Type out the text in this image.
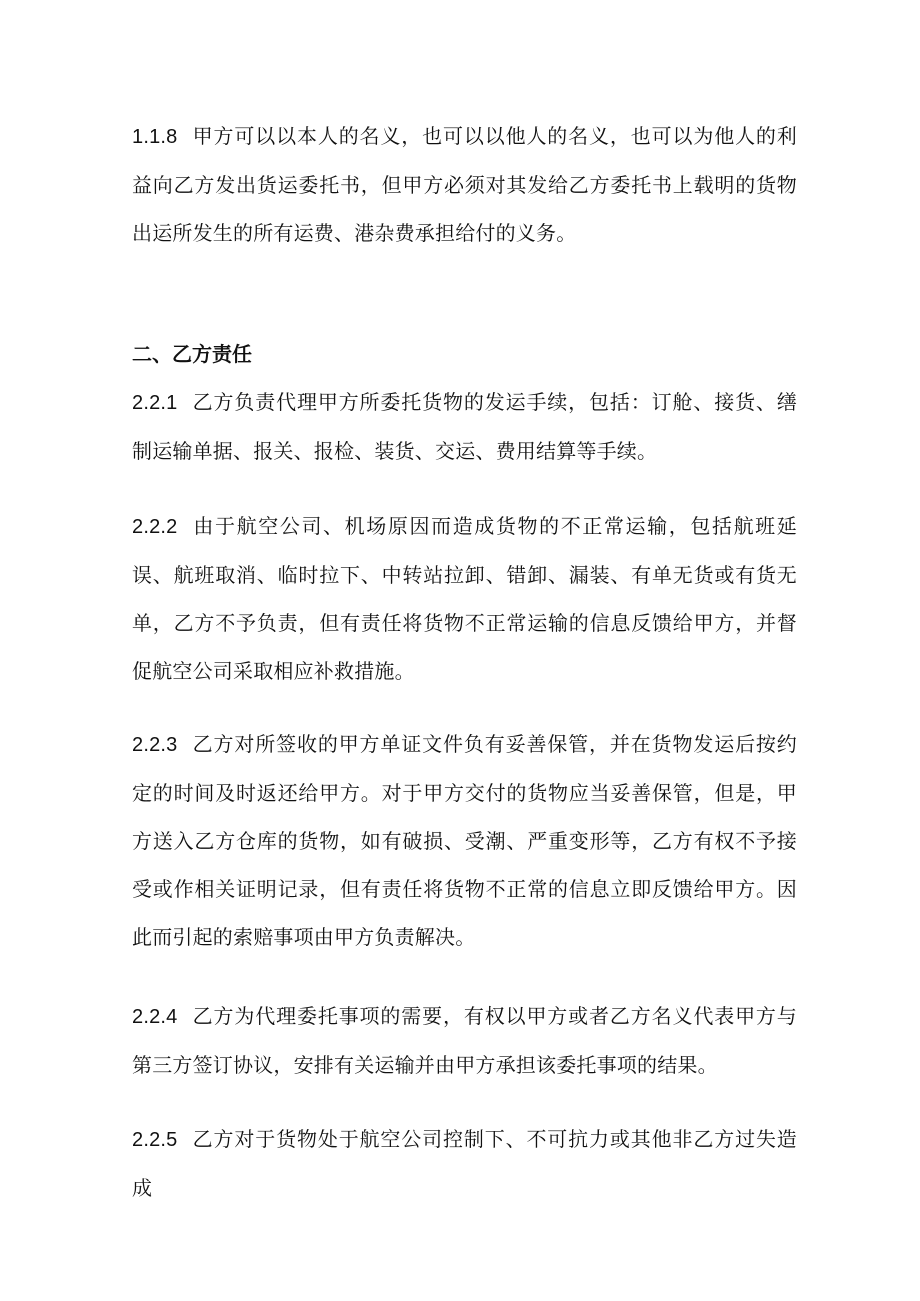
1.1.8 甲方可以以本人的名义，也可以以他人的名义，也可以为他人的利益向乙方发出货运委托书，但甲方必须对其发给乙方委托书上载明的货物出运所发生的所有运费、港杂费承担给付的义务。

二、乙方责任

2.2.1 乙方负责代理甲方所委托货物的发运手续，包括：订舱、接货、缮制运输单据、报关、报检、装货、交运、费用结算等手续。

2.2.2 由于航空公司、机场原因而造成货物的不正常运输，包括航班延误、航班取消、临时拉下、中转站拉卸、错卸、漏装、有单无货或有货无单，乙方不予负责，但有责任将货物不正常运输的信息反馈给甲方，并督促航空公司采取相应补救措施。

2.2.3 乙方对所签收的甲方单证文件负有妥善保管，并在货物发运后按约定的时间及时返还给甲方。对于甲方交付的货物应当妥善保管，但是，甲方送入乙方仓库的货物，如有破损、受潮、严重变形等，乙方有权不予接受或作相关证明记录，但有责任将货物不正常的信息立即反馈给甲方。因此而引起的索赔事项由甲方负责解决。

2.2.4 乙方为代理委托事项的需要，有权以甲方或者乙方名义代表甲方与第三方签订协议，安排有关运输并由甲方承担该委托事项的结果。

2.2.5 乙方对于货物处于航空公司控制下、不可抗力或其他非乙方过失造成
